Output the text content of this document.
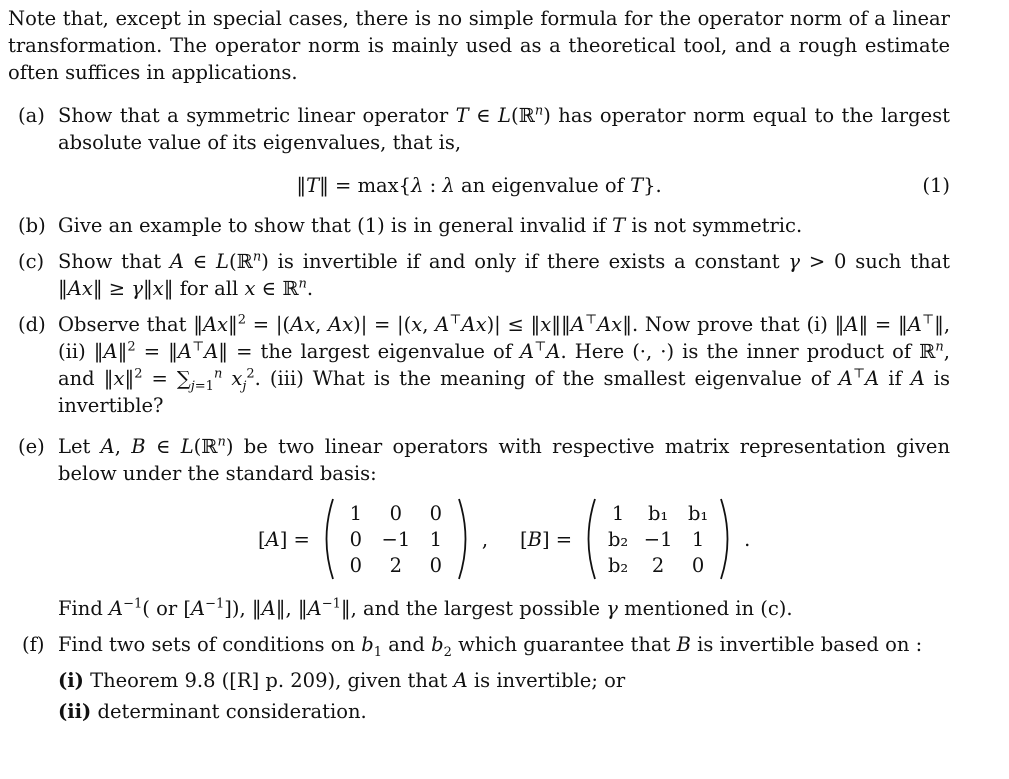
Note that, except in special cases, there is no simple formula for the operator norm of a linear transformation. The operator norm is mainly used as a theoretical tool, and a rough estimate often suffices in applications.
(a) Show that a symmetric linear operator T ∈ L(ℝ$^n$) has operator norm equal to the largest absolute value of its eigenvalues, that is,
‖T‖ = max{λ : λ an eigenvalue of T}.	(1)
(b) Give an example to show that (1) is in general invalid if T is not symmetric.
(c) Show that A ∈ L(ℝ$^n$) is invertible if and only if there exists a constant γ > 0 such that ‖Ax‖ ≥ γ‖x‖ for all x ∈ ℝ$^n$.
(d) Observe that ‖Ax‖$^2$ = |(Ax, Ax)| = |(x, A⊤Ax)| ≤ ‖x‖‖A⊤Ax‖. Now prove that (i) ‖A‖ = ‖A⊤‖, (ii) ‖A‖$^2$ = ‖A⊤A‖ = the largest eigenvalue of A⊤A. Here (·, ·) is the inner product of ℝ$^n$, and ‖x‖$^2$ = $\sum_{j=1}^n$ $x_j^2$. (iii) What is the meaning of the smallest eigenvalue of A⊤A if A is invertible?
(e) Let A, B ∈ L(ℝ$^n$) be two linear operators with respective matrix representation given below under the standard basis:
[A] =
1	0	0
0 −1 1
0	2	0
, [B] =
1	b₁	b₁
b₂ −1 1
b₂	2	0
.
Find $A^{-1}$( or $[A^{-1}]$), ‖A‖, $‖A^{-1}‖$, and the largest possible γ mentioned in (c).
(f) Find two sets of conditions on $b_1$ and $b_2$ which guarantee that B is invertible based on :
(i) Theorem 9.8 ([R] p. 209), given that A is invertible; or
(ii) determinant consideration.
